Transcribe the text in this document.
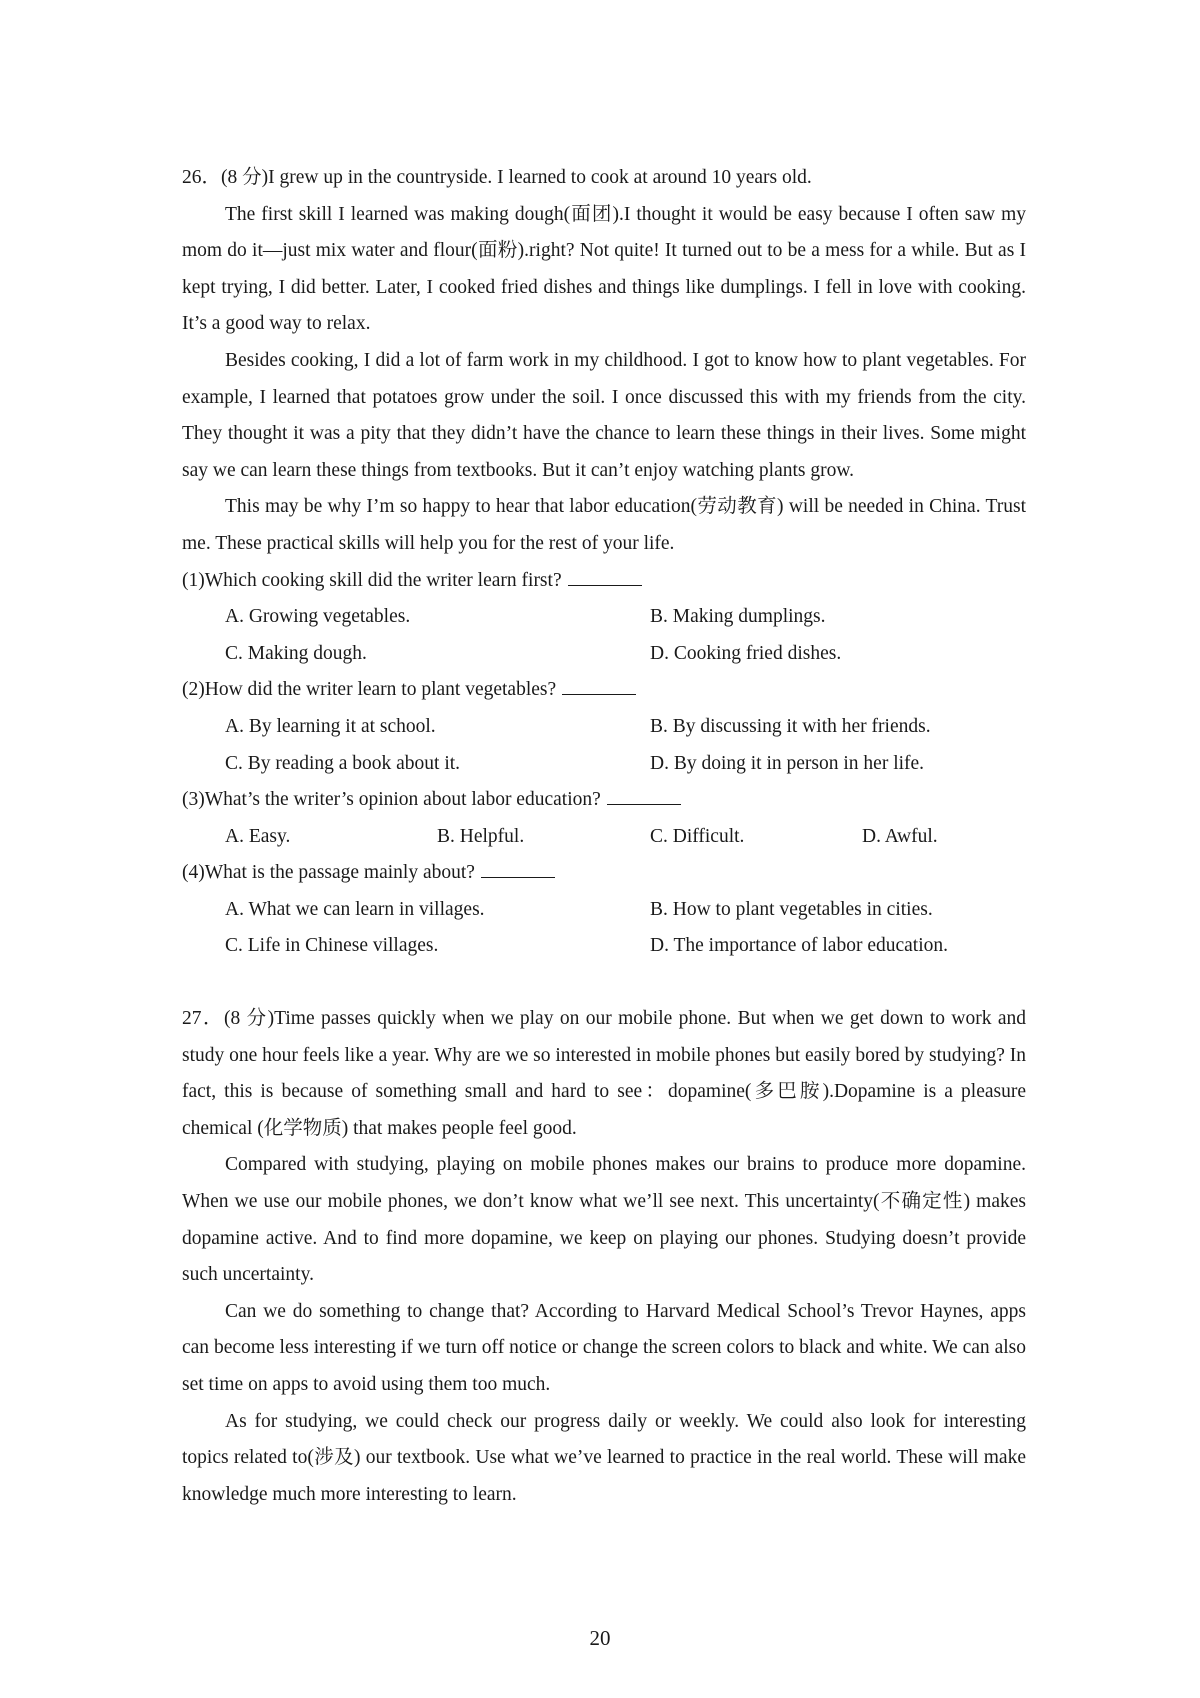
26．(8 分)I grew up in the countryside. I learned to cook at around 10 years old.

The first skill I learned was making dough(面团).I thought it would be easy because I often saw my mom do it—just mix water and flour(面粉).right? Not quite! It turned out to be a mess for a while. But as I kept trying, I did better. Later, I cooked fried dishes and things like dumplings. I fell in love with cooking. It’s a good way to relax.

Besides cooking, I did a lot of farm work in my childhood. I got to know how to plant vegetables. For example, I learned that potatoes grow under the soil. I once discussed this with my friends from the city. They thought it was a pity that they didn’t have the chance to learn these things in their lives. Some might say we can learn these things from textbooks. But it can’t enjoy watching plants grow.

This may be why I’m so happy to hear that labor education(劳动教育) will be needed in China. Trust me. These practical skills will help you for the rest of your life.

(1)Which cooking skill did the writer learn first?
A. Growing vegetables.	B. Making dumplings.
C. Making dough.	D. Cooking fried dishes.
(2)How did the writer learn to plant vegetables?
A. By learning it at school.	B. By discussing it with her friends.
C. By reading a book about it.	D. By doing it in person in her life.
(3)What’s the writer’s opinion about labor education?
A. Easy.	B. Helpful.	C. Difficult.	D. Awful.
(4)What is the passage mainly about?
A. What we can learn in villages.	B. How to plant vegetables in cities.
C. Life in Chinese villages.	D. The importance of labor education.

27．(8 分)Time passes quickly when we play on our mobile phone. But when we get down to work and study one hour feels like a year. Why are we so interested in mobile phones but easily bored by studying? In fact, this is because of something small and hard to see：dopamine(多巴胺).Dopamine is a pleasure chemical (化学物质) that makes people feel good.

Compared with studying, playing on mobile phones makes our brains to produce more dopamine. When we use our mobile phones, we don’t know what we’ll see next. This uncertainty(不确定性) makes dopamine active. And to find more dopamine, we keep on playing our phones. Studying doesn’t provide such uncertainty.

Can we do something to change that? According to Harvard Medical School’s Trevor Haynes, apps can become less interesting if we turn off notice or change the screen colors to black and white. We can also set time on apps to avoid using them too much.

As for studying, we could check our progress daily or weekly. We could also look for interesting topics related to(涉及) our textbook. Use what we’ve learned to practice in the real world. These will make knowledge much more interesting to learn.

20
